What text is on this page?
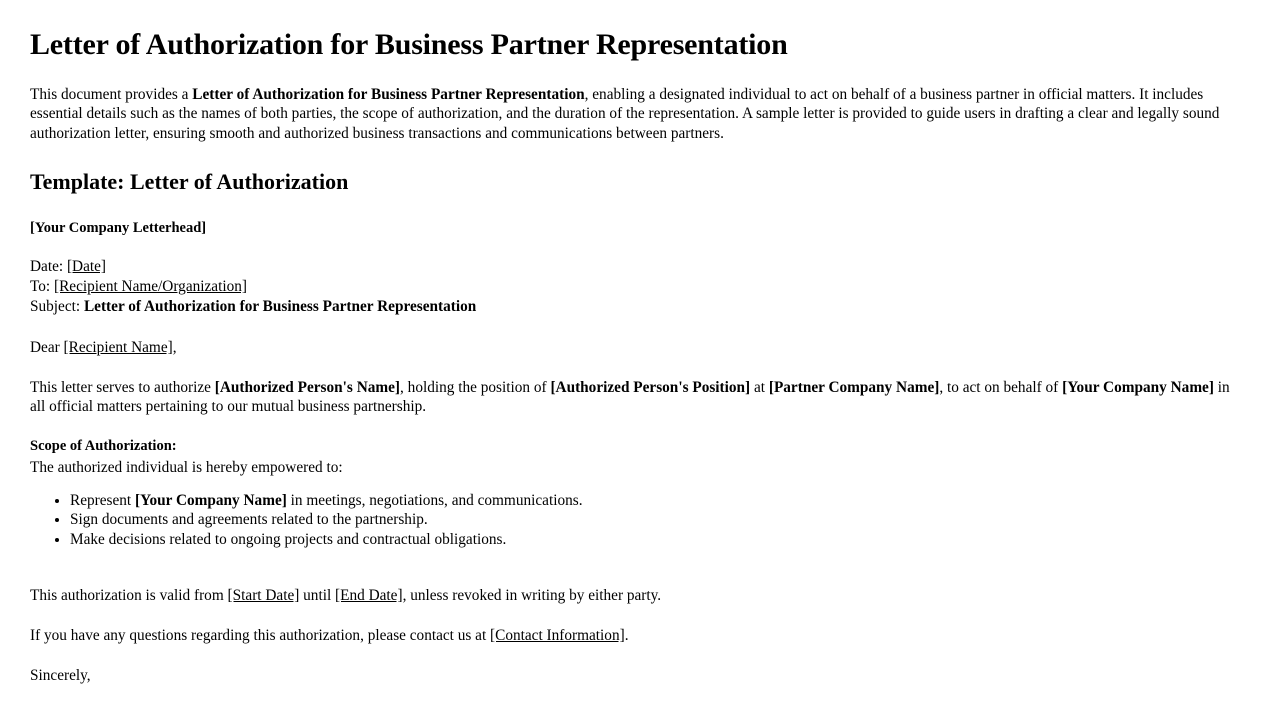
Letter of Authorization for Business Partner Representation

This document provides a Letter of Authorization for Business Partner Representation, enabling a designated individual to act on behalf of a business partner in official matters. It includes essential details such as the names of both parties, the scope of authorization, and the duration of the representation. A sample letter is provided to guide users in drafting a clear and legally sound authorization letter, ensuring smooth and authorized business transactions and communications between partners.

Template: Letter of Authorization
[Your Company Letterhead]
Date: [Date]
To: [Recipient Name/Organization]
Subject: Letter of Authorization for Business Partner Representation

Dear [Recipient Name],

This letter serves to authorize [Authorized Person's Name], holding the position of [Authorized Person's Position] at [Partner Company Name], to act on behalf of [Your Company Name] in all official matters pertaining to our mutual business partnership.

Scope of Authorization:
The authorized individual is hereby empowered to:
• Represent [Your Company Name] in meetings, negotiations, and communications.
• Sign documents and agreements related to the partnership.
• Make decisions related to ongoing projects and contractual obligations.

This authorization is valid from [Start Date] until [End Date], unless revoked in writing by either party.

If you have any questions regarding this authorization, please contact us at [Contact Information].

Sincerely,
